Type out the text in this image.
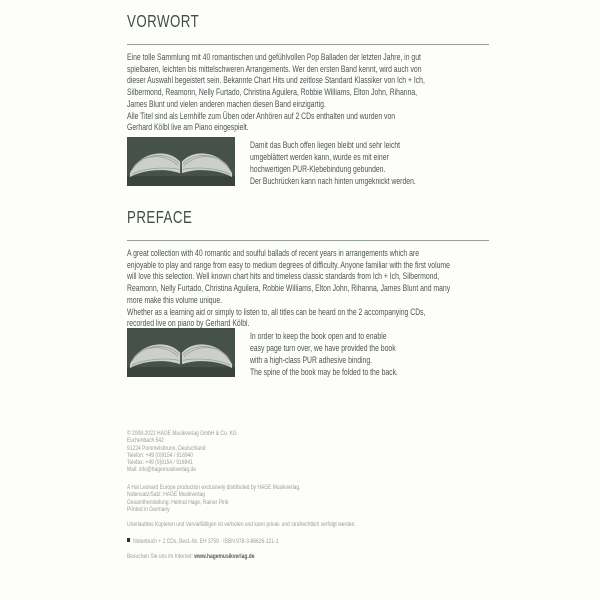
VORWORT
Eine tolle Sammlung mit 40 romantischen und gefühlvollen Pop Balladen der letzten Jahre, in gut
spielbaren, leichten bis mittelschweren Arrangements. Wer den ersten Band kennt, wird auch von
dieser Auswahl begeistert sein. Bekannte Chart Hits und zeitlose Standard Klassiker von Ich + Ich,
Silbermond, Reamonn, Nelly Furtado, Christina Aguilera, Robbie Williams, Elton John, Rihanna,
James Blunt und vielen anderen machen diesen Band einzigartig.
Alle Titel sind als Lernhilfe zum Üben oder Anhören auf 2 CDs enthalten und wurden von
Gerhard Kölbl live am Piano eingespielt.
Damit das Buch offen liegen bleibt und sehr leicht
umgeblättert werden kann, wurde es mit einer
hochwertigen PUR-Klebebindung gebunden.
Der Buchrücken kann nach hinten umgeknickt werden.
PREFACE
A great collection with 40 romantic and soulful ballads of recent years in arrangements which are
enjoyable to play and range from easy to medium degrees of difficulty. Anyone familiar with the first volume
will love this selection. Well known chart hits and timeless classic standards from Ich + Ich, Silbermond,
Reamonn, Nelly Furtado, Christina Aguilera, Robbie Williams, Elton John, Rihanna, James Blunt and many
more make this volume unique.
Whether as a learning aid or simply to listen to, all titles can be heard on the 2 accompanying CDs,
recorded live on piano by Gerhard Kölbl.
In order to keep the book open and to enable
easy page turn over, we have provided the book
with a high-class PUR adhesive binding.
The spine of the book may be folded to the back.
© 2008-2022 HAGE Musikverlag GmbH & Co. KG
Eschenbach 542
91224 Pommelsbrunn, Deutschland
Telefon: +49 (0)9154 / 916940
Telefax: +49 (0)9154 / 916941
Mail: info@hagemusikverlag.de
A Hal Leonard Europe production exclusively distributed by HAGE Musikverlag.
Notensatz/Satz: HAGE Musikverlag
Gesamtherstellung: Helmut Hage, Rainer Pink
Printed in Germany
Unerlaubtes Kopieren und Vervielfältigen ist verboten und kann privat- und strafrechtlich verfolgt werden.
Notenbuch + 2 CDs, Best.-Nr. EH 3759 · ISBN 978-3-86626-121-1
Besuchen Sie uns im Internet: www.hagemusikverlag.de
